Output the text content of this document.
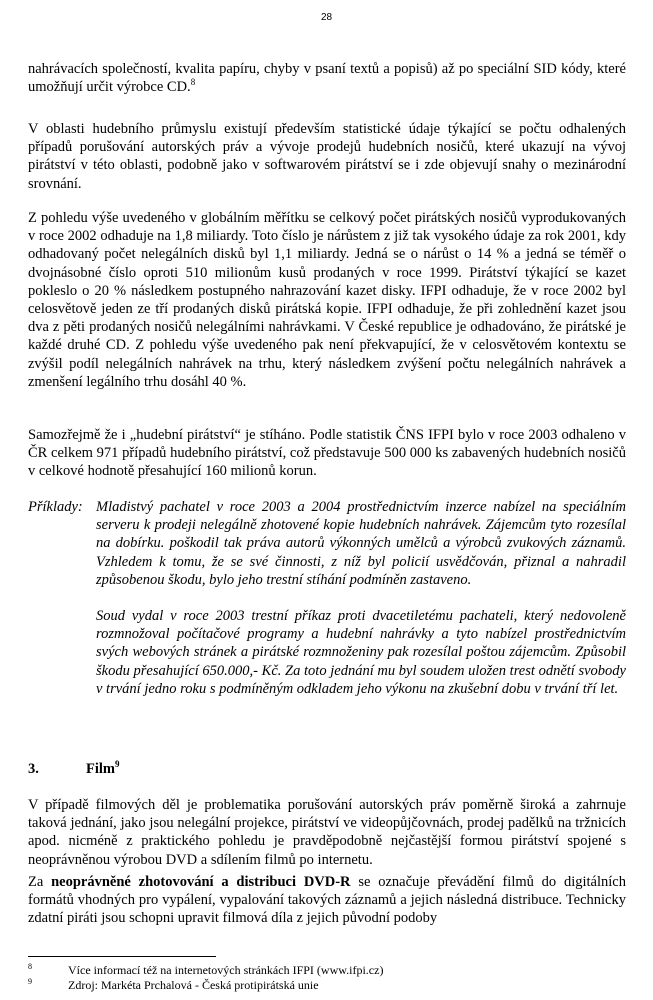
28

nahrávacích společností, kvalita papíru, chyby v psaní textů a popisů) až po speciální SID kódy, které umožňují určit výrobce CD.$^8$

V oblasti hudebního průmyslu existují především statistické údaje týkající se počtu odhalených případů porušování autorských práv a vývoje prodejů hudebních nosičů, které ukazují na vývoj pirátství v této oblasti, podobně jako v softwarovém pirátství se i zde objevují snahy o mezinárodní srovnání.

Z pohledu výše uvedeného v globálním měřítku se celkový počet pirátských nosičů vyprodukovaných v roce 2002 odhaduje na 1,8 miliardy. Toto číslo je nárůstem z již tak vysokého údaje za rok 2001, kdy odhadovaný počet nelegálních disků byl 1,1 miliardy. Jedná se o nárůst o 14 % a jedná se téměř o dvojnásobné číslo oproti 510 milionům kusů prodaných v roce 1999. Pirátství týkající se kazet pokleslo o 20 % následkem postupného nahrazování kazet disky. IFPI odhaduje, že v roce 2002 byl celosvětově jeden ze tří prodaných disků pirátská kopie. IFPI odhaduje, že při zohlednění kazet jsou dva z pěti prodaných nosičů nelegálními nahrávkami. V České republice je odhadováno, že pirátské je každé druhé CD. Z pohledu výše uvedeného pak není překvapující, že v celosvětovém kontextu se zvýšil podíl nelegálních nahrávek na trhu, který následkem zvýšení počtu nelegálních nahrávek a zmenšení legálního trhu dosáhl 40 %.

Samozřejmě že i „hudební pirátství“ je stíháno. Podle statistik ČNS IFPI bylo v roce 2003 odhaleno v ČR celkem 971 případů hudebního pirátství, což představuje 500 000 ks zabavených hudebních nosičů v celkové hodnotě přesahující 160 milionů korun.

Příklady: Mladistvý pachatel v roce 2003 a 2004 prostřednictvím inzerce nabízel na speciálním serveru k prodeji nelegálně zhotovené kopie hudebních nahrávek. Zájemcům tyto rozesílal na dobírku. poškodil tak práva autorů výkonných umělců a výrobců zvukových záznamů. Vzhledem k tomu, že se své činnosti, z níž byl policií usvědčován, přiznal a nahradil způsobenou škodu, bylo jeho trestní stíhání podmíněn zastaveno.

Soud vydal v roce 2003 trestní příkaz proti dvacetiletému pachateli, který nedovoleně rozmnožoval počítačové programy a hudební nahrávky a tyto nabízel prostřednictvím svých webových stránek a pirátské rozmnoženiny pak rozesílal poštou zájemcům. Způsobil škodu přesahující 650.000,- Kč. Za toto jednání mu byl soudem uložen trest odnětí svobody v trvání jedno roku s podmíněným odkladem jeho výkonu na zkušební dobu v trvání tří let.

3.	Film$^9$

V případě filmových děl je problematika porušování autorských práv poměrně široká a zahrnuje taková jednání, jako jsou nelegální projekce, pirátství ve videopůjčovnách, prodej padělků na tržnicích apod. nicméně z praktického pohledu je pravděpodobně nejčastější formou pirátství spojené s neoprávněnou výrobou DVD a sdílením filmů po internetu.

Za neoprávněné zhotovování a distribuci DVD-R se označuje převádění filmů do digitálních formátů vhodných pro vypálení, vypalování takových záznamů a jejich následná distribuce. Technicky zdatní piráti jsou schopni upravit filmová díla z jejich původní podoby

8	Více informací též na internetových stránkách IFPI (www.ifpi.cz)
9	Zdroj: Markéta Prchalová - Česká protipirátská unie
